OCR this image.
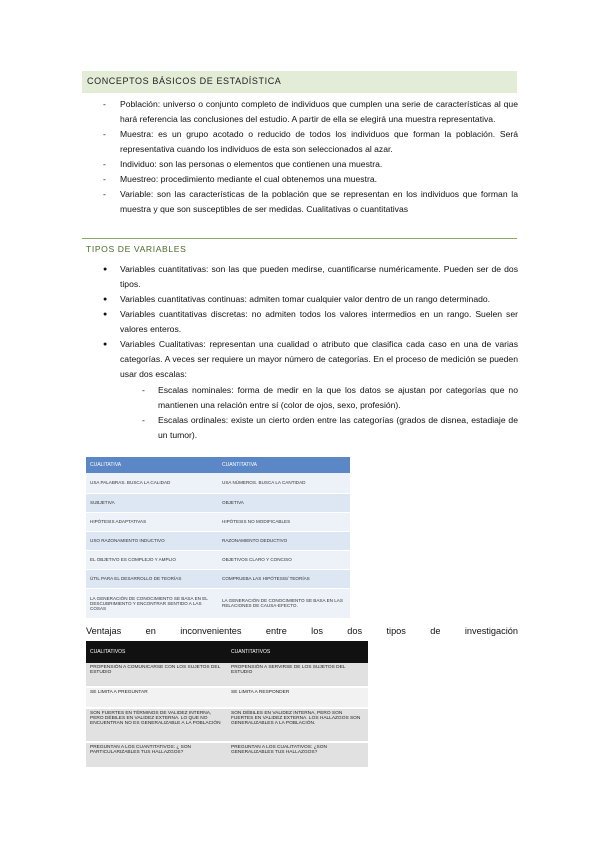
CONCEPTOS BÁSICOS DE ESTADÍSTICA
- Población: universo o conjunto completo de individuos que cumplen una serie de características al que hará referencia las conclusiones del estudio. A partir de ella se elegirá una muestra representativa.
- Muestra: es un grupo acotado o reducido de todos los individuos que forman la población. Será representativa cuando los individuos de esta son seleccionados al azar.
- Individuo: son las personas o elementos que contienen una muestra.
- Muestreo: procedimiento mediante el cual obtenemos una muestra.
- Variable: son las características de la población que se representan en los individuos que forman la muestra y que son susceptibles de ser medidas. Cualitativas o cuantitativas
TIPOS DE VARIABLES
● Variables cuantitativas: son las que pueden medirse, cuantificarse numéricamente. Pueden ser de dos tipos.
● Variables cuantitativas continuas: admiten tomar cualquier valor dentro de un rango determinado.
● Variables cuantitativas discretas: no admiten todos los valores intermedios en un rango. Suelen ser valores enteros.
● Variables Cualitativas: representan una cualidad o atributo que clasifica cada caso en una de varias categorías. A veces ser requiere un mayor número de categorías. En el proceso de medición se pueden usar dos escalas:
- Escalas nominales: forma de medir en la que los datos se ajustan por categorías que no mantienen una relación entre sí (color de ojos, sexo, profesión).
- Escalas ordinales: existe un cierto orden entre las categorías (grados de disnea, estadiaje de un tumor).
CUALITATIVA	CUANTITATIVA
USA PALABRAS. BUSCA LA CALIDAD	USA NÚMEROS. BUSCA LA CANTIDAD
SUBJETIVA	OBJETIVA
HIPÓTESIS ADAPTATIVAS	HIPÓTESIS NO MODIFICABLES
USO RAZONAMIENTO INDUCTIVO	RAZONAMIENTO DEDUCTIVO
EL OBJETIVO ES COMPLEJO Y AMPLIO	OBJETIVOS CLARO Y CONCISO
ÚTIL PARA EL DESARROLLO DE TEORÍAS	COMPRUEBA LAS HIPÓTESIS/ TEORÍAS
LA GENERACIÓN DE CONOCIMIENTO SE BASA EN EL DESCUBRIMIENTO Y ENCONTRAR SENTIDO A LAS COSAS	LA GENERACIÓN DE CONOCIMIENTO SE BASA EN LAS RELACIONES DE CAUSA-EFECTO.
Ventajas	en	inconvenientes	entre	los	dos	tipos	de	investigación
CUALITATIVOS	CUANTITATIVOS
PROPENSIÓN A COMUNICARSE CON LOS SUJETOS DEL ESTUDIO	PROPENSIÓN A SERVIRSE DE LOS SUJETOS DEL ESTUDIO
SE LIMITA A PREGUNTAR	SE LIMITA A RESPONDER
SON FUERTES EN TÉRMINOS DE VALIDEZ INTERNA, PERO DÉBILES EN VALIDEZ EXTERNA. LO QUE NO ENCUENTRAN NO ES GENERALIZABLE A LA POBLACIÓN	SON DÉBILES EN VALIDEZ INTERNA, PERO SON FUERTES EN VALIDEZ EXTERNA. LOS HALLAZGOS SON GENERALIZABLES A LA POBLACIÓN.
PREGUNTAN A LOS CUANTITATIVOS: ¿ SON PARTICULARIZABLES TUS HALLAZGOS?	PREGUNTAN A LOS CUALITATIVOS: ¿SON GENERALIZABLES TUS HALLAZGOS?
